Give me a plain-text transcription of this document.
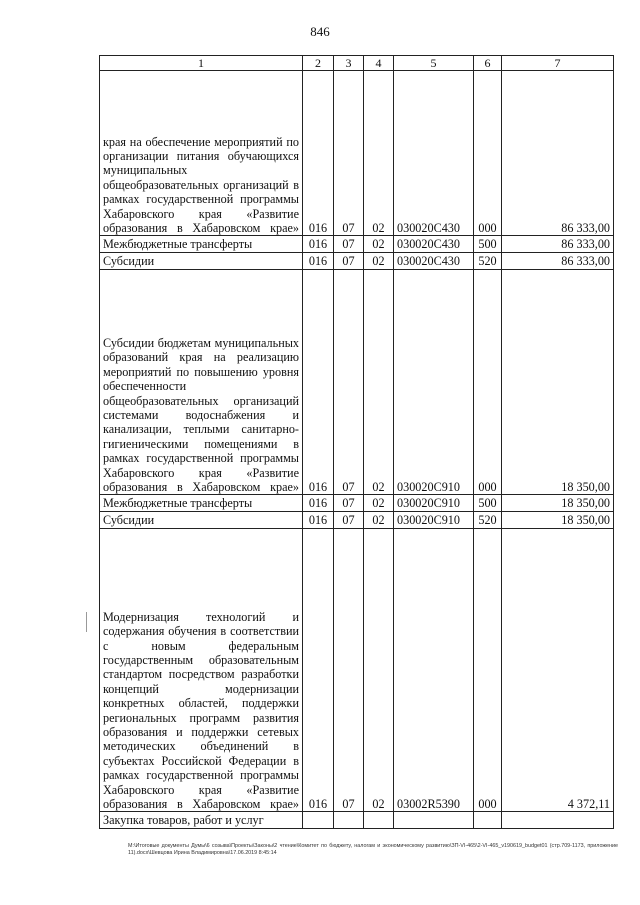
846
1	2	3	4	5	6	7
края на обеспечение мероприятий по организации питания обучающихся муниципальных общеобразовательных организаций в рамках государственной программы Хабаровского края «Развитие образования в Хабаровском крае»	016	07	02	030020С430	000	86 333,00
Межбюджетные трансферты	016	07	02	030020С430	500	86 333,00
Субсидии	016	07	02	030020С430	520	86 333,00
Субсидии бюджетам муниципальных образований края на реализацию мероприятий по повышению уровня обеспеченности общеобразовательных организаций системами водоснабжения и канализации, теплыми санитарно-гигиеническими помещениями в рамках государственной программы Хабаровского края «Развитие образования в Хабаровском крае»	016	07	02	030020С910	000	18 350,00
Межбюджетные трансферты	016	07	02	030020С910	500	18 350,00
Субсидии	016	07	02	030020С910	520	18 350,00
Модернизация технологий и содержания обучения в соответствии с новым федеральным государственным образовательным стандартом посредством разработки концепций модернизации конкретных областей, поддержки региональных программ развития образования и поддержки сетевых методических объединений в субъектах Российской Федерации в рамках государственной программы Хабаровского края «Развитие образования в Хабаровском крае»	016	07	02	03002R5390	000	4 372,11
Закупка товаров, работ и услуг						
M:\Итоговые документы Думы\6 созыва\Проекты\Законы\2 чтение\Комитет по бюджету, налогам и экономическому развитию\ЗП-VI-465\2-VI-465_v190619_budget01 (стр.709-1173, приложение 11).docx\Шевцова Ирина Владимировна\17.06.2019 8:45:14
